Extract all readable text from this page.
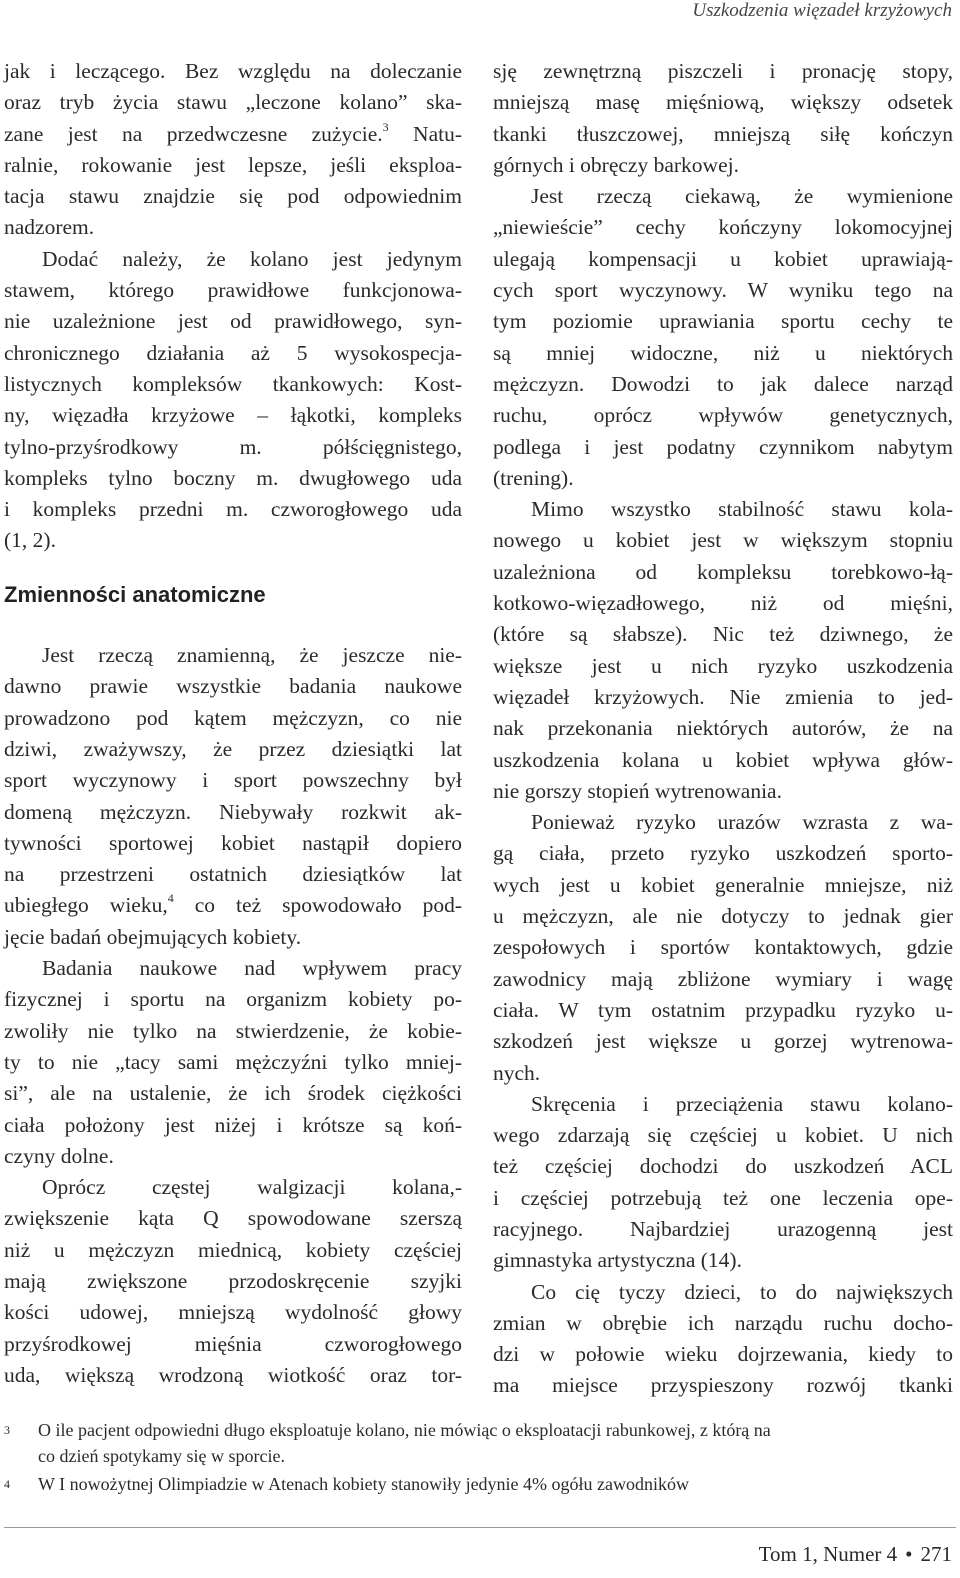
Uszkodzenia więzadeł krzyżowych

jak i leczącego. Bez względu na doleczanie
oraz tryb życia stawu „leczone kolano” ska-
zane jest na przedwczesne zużycie.$^3$ Natu-
ralnie, rokowanie jest lepsze, jeśli eksploa-
tacja stawu znajdzie się pod odpowiednim
nadzorem.

Dodać należy, że kolano jest jedynym
stawem, którego prawidłowe funkcjonowa-
nie uzależnione jest od prawidłowego, syn-
chronicznego działania aż 5 wysokospecja-
listycznych kompleksów tkankowych: Kost-
ny, więzadła krzyżowe – łąkotki, kompleks
tylno-przyśrodkowy m. półścięgnistego,
kompleks tylno boczny m. dwugłowego uda
i kompleks przedni m. czworogłowego uda
(1, 2).

Zmienności anatomiczne

Jest rzeczą znamienną, że jeszcze nie-
dawno prawie wszystkie badania naukowe
prowadzono pod kątem mężczyzn, co nie
dziwi, zważywszy, że przez dziesiątki lat
sport wyczynowy i sport powszechny był
domeną mężczyzn. Niebywały rozkwit ak-
tywności sportowej kobiet nastąpił dopiero
na przestrzeni ostatnich dziesiątków lat
ubiegłego wieku,$^4$ co też spowodowało pod-
jęcie badań obejmujących kobiety.

Badania naukowe nad wpływem pracy
fizycznej i sportu na organizm kobiety po-
zwoliły nie tylko na stwierdzenie, że kobie-
ty to nie „tacy sami mężczyźni tylko mniej-
si”, ale na ustalenie, że ich środek ciężkości
ciała położony jest niżej i krótsze są koń-
czyny dolne.

Oprócz częstej walgizacji kolana,-
zwiększenie kąta Q spowodowane szerszą
niż u mężczyzn miednicą, kobiety częściej
mają zwiększone przodoskręcenie szyjki
kości udowej, mniejszą wydolność głowy
przyśrodkowej mięśnia czworogłowego
uda, większą wrodzoną wiotkość oraz tor-

sję zewnętrzną piszczeli i pronację stopy,
mniejszą masę mięśniową, większy odsetek
tkanki tłuszczowej, mniejszą siłę kończyn
górnych i obręczy barkowej.

Jest rzeczą ciekawą, że wymienione
„niewieście” cechy kończyny lokomocyjnej
ulegają kompensacji u kobiet uprawiają-
cych sport wyczynowy. W wyniku tego na
tym poziomie uprawiania sportu cechy te
są mniej widoczne, niż u niektórych
mężczyzn. Dowodzi to jak dalece narząd
ruchu, oprócz wpływów genetycznych,
podlega i jest podatny czynnikom nabytym
(trening).

Mimo wszystko stabilność stawu kola-
nowego u kobiet jest w większym stopniu
uzależniona od kompleksu torebkowo-łą-
kotkowo-więzadłowego, niż od mięśni,
(które są słabsze). Nic też dziwnego, że
większe jest u nich ryzyko uszkodzenia
więzadeł krzyżowych. Nie zmienia to jed-
nak przekonania niektórych autorów, że na
uszkodzenia kolana u kobiet wpływa głów-
nie gorszy stopień wytrenowania.

Ponieważ ryzyko urazów wzrasta z wa-
gą ciała, przeto ryzyko uszkodzeń sporto-
wych jest u kobiet generalnie mniejsze, niż
u mężczyzn, ale nie dotyczy to jednak gier
zespołowych i sportów kontaktowych, gdzie
zawodnicy mają zbliżone wymiary i wagę
ciała. W tym ostatnim przypadku ryzyko u-
szkodzeń jest większe u gorzej wytrenowa-
nych.

Skręcenia i przeciążenia stawu kolano-
wego zdarzają się częściej u kobiet. U nich
też częściej dochodzi do uszkodzeń ACL
i częściej potrzebują też one leczenia ope-
racyjnego. Najbardziej urazogenną jest
gimnastyka artystyczna (14).

Co cię tyczy dzieci, to do największych
zmian w obrębie ich narządu ruchu docho-
dzi w połowie wieku dojrzewania, kiedy to
ma miejsce przyspieszony rozwój tkanki

3 O ile pacjent odpowiedni długo eksploatuje kolano, nie mówiąc o eksploatacji rabunkowej, z którą na
co dzień spotykamy się w sporcie.
4 W I nowożytnej Olimpiadzie w Atenach kobiety stanowiły jedynie 4% ogółu zawodników
Tom 1, Numer 4 • 271
